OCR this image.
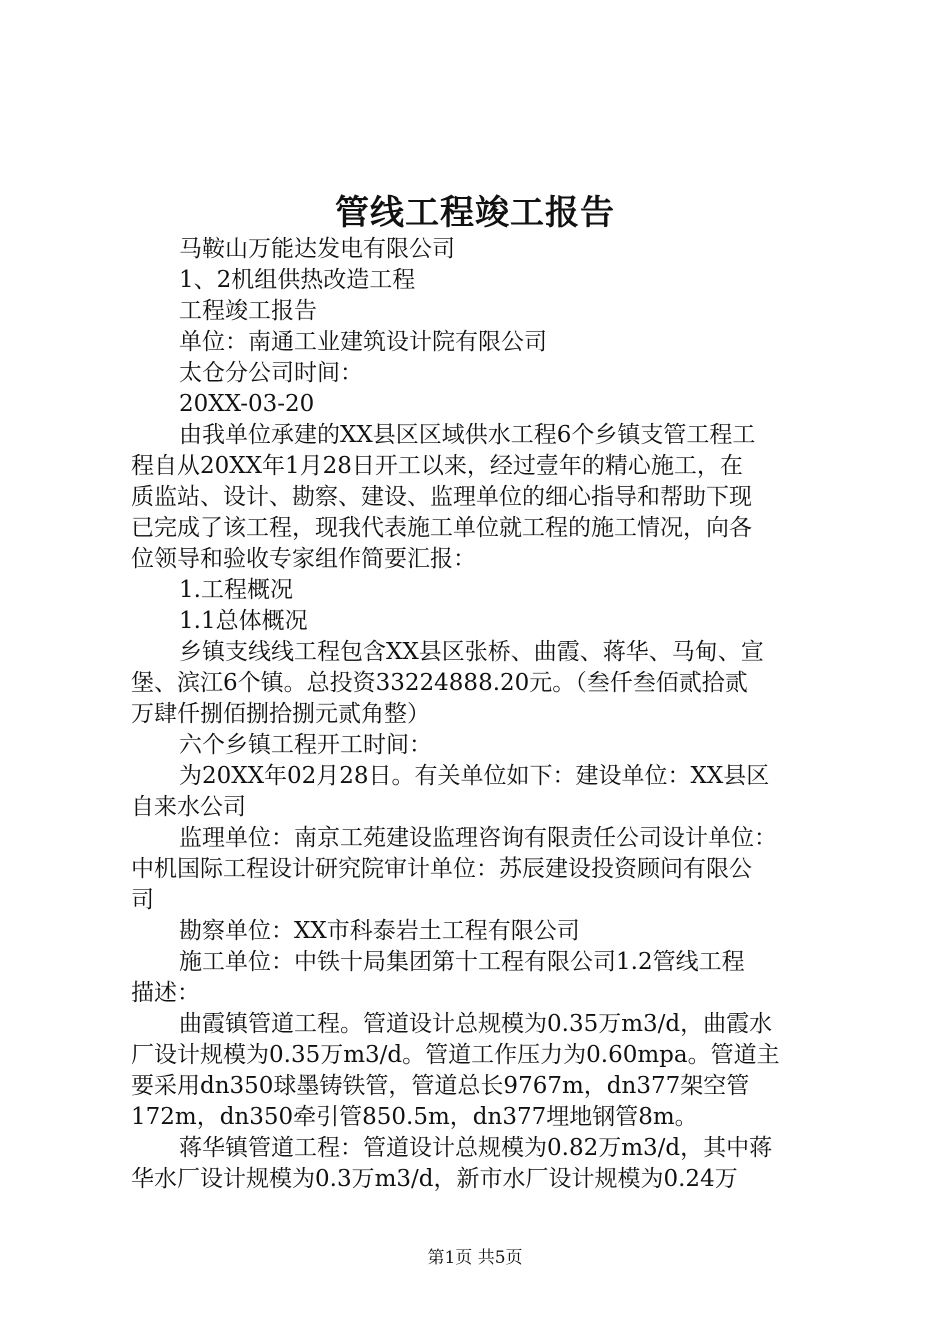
管线工程竣工报告
马鞍山万能达发电有限公司
1、2机组供热改造工程
工程竣工报告
单位：南通工业建筑设计院有限公司
太仓分公司时间：
20XX-03-20
由我单位承建的XX县区区域供水工程6个乡镇支管工程工
程自从20XX年1月28日开工以来，经过壹年的精心施工，在
质监站、设计、勘察、建设、监理单位的细心指导和帮助下现
已完成了该工程，现我代表施工单位就工程的施工情况，向各
位领导和验收专家组作简要汇报：
1.工程概况
1.1总体概况
乡镇支线线工程包含XX县区张桥、曲霞、蒋华、马甸、宣
堡、滨江6个镇。总投资33224888.20元。（叁仟叁佰贰拾贰
万肆仟捌佰捌拾捌元贰角整）
六个乡镇工程开工时间：
为20XX年02月28日。有关单位如下：建设单位：XX县区
自来水公司
监理单位：南京工苑建设监理咨询有限责任公司设计单位：
中机国际工程设计研究院审计单位：苏辰建设投资顾问有限公
司
勘察单位：XX市科泰岩土工程有限公司
施工单位：中铁十局集团第十工程有限公司1.2管线工程
描述：
曲霞镇管道工程。管道设计总规模为0.35万m3/d，曲霞水
厂设计规模为0.35万m3/d。管道工作压力为0.60mpa。管道主
要采用dn350球墨铸铁管，管道总长9767m，dn377架空管
172m，dn350牵引管850.5m，dn377埋地钢管8m。
蒋华镇管道工程：管道设计总规模为0.82万m3/d，其中蒋
华水厂设计规模为0.3万m3/d，新市水厂设计规模为0.24万
第1页 共5页
